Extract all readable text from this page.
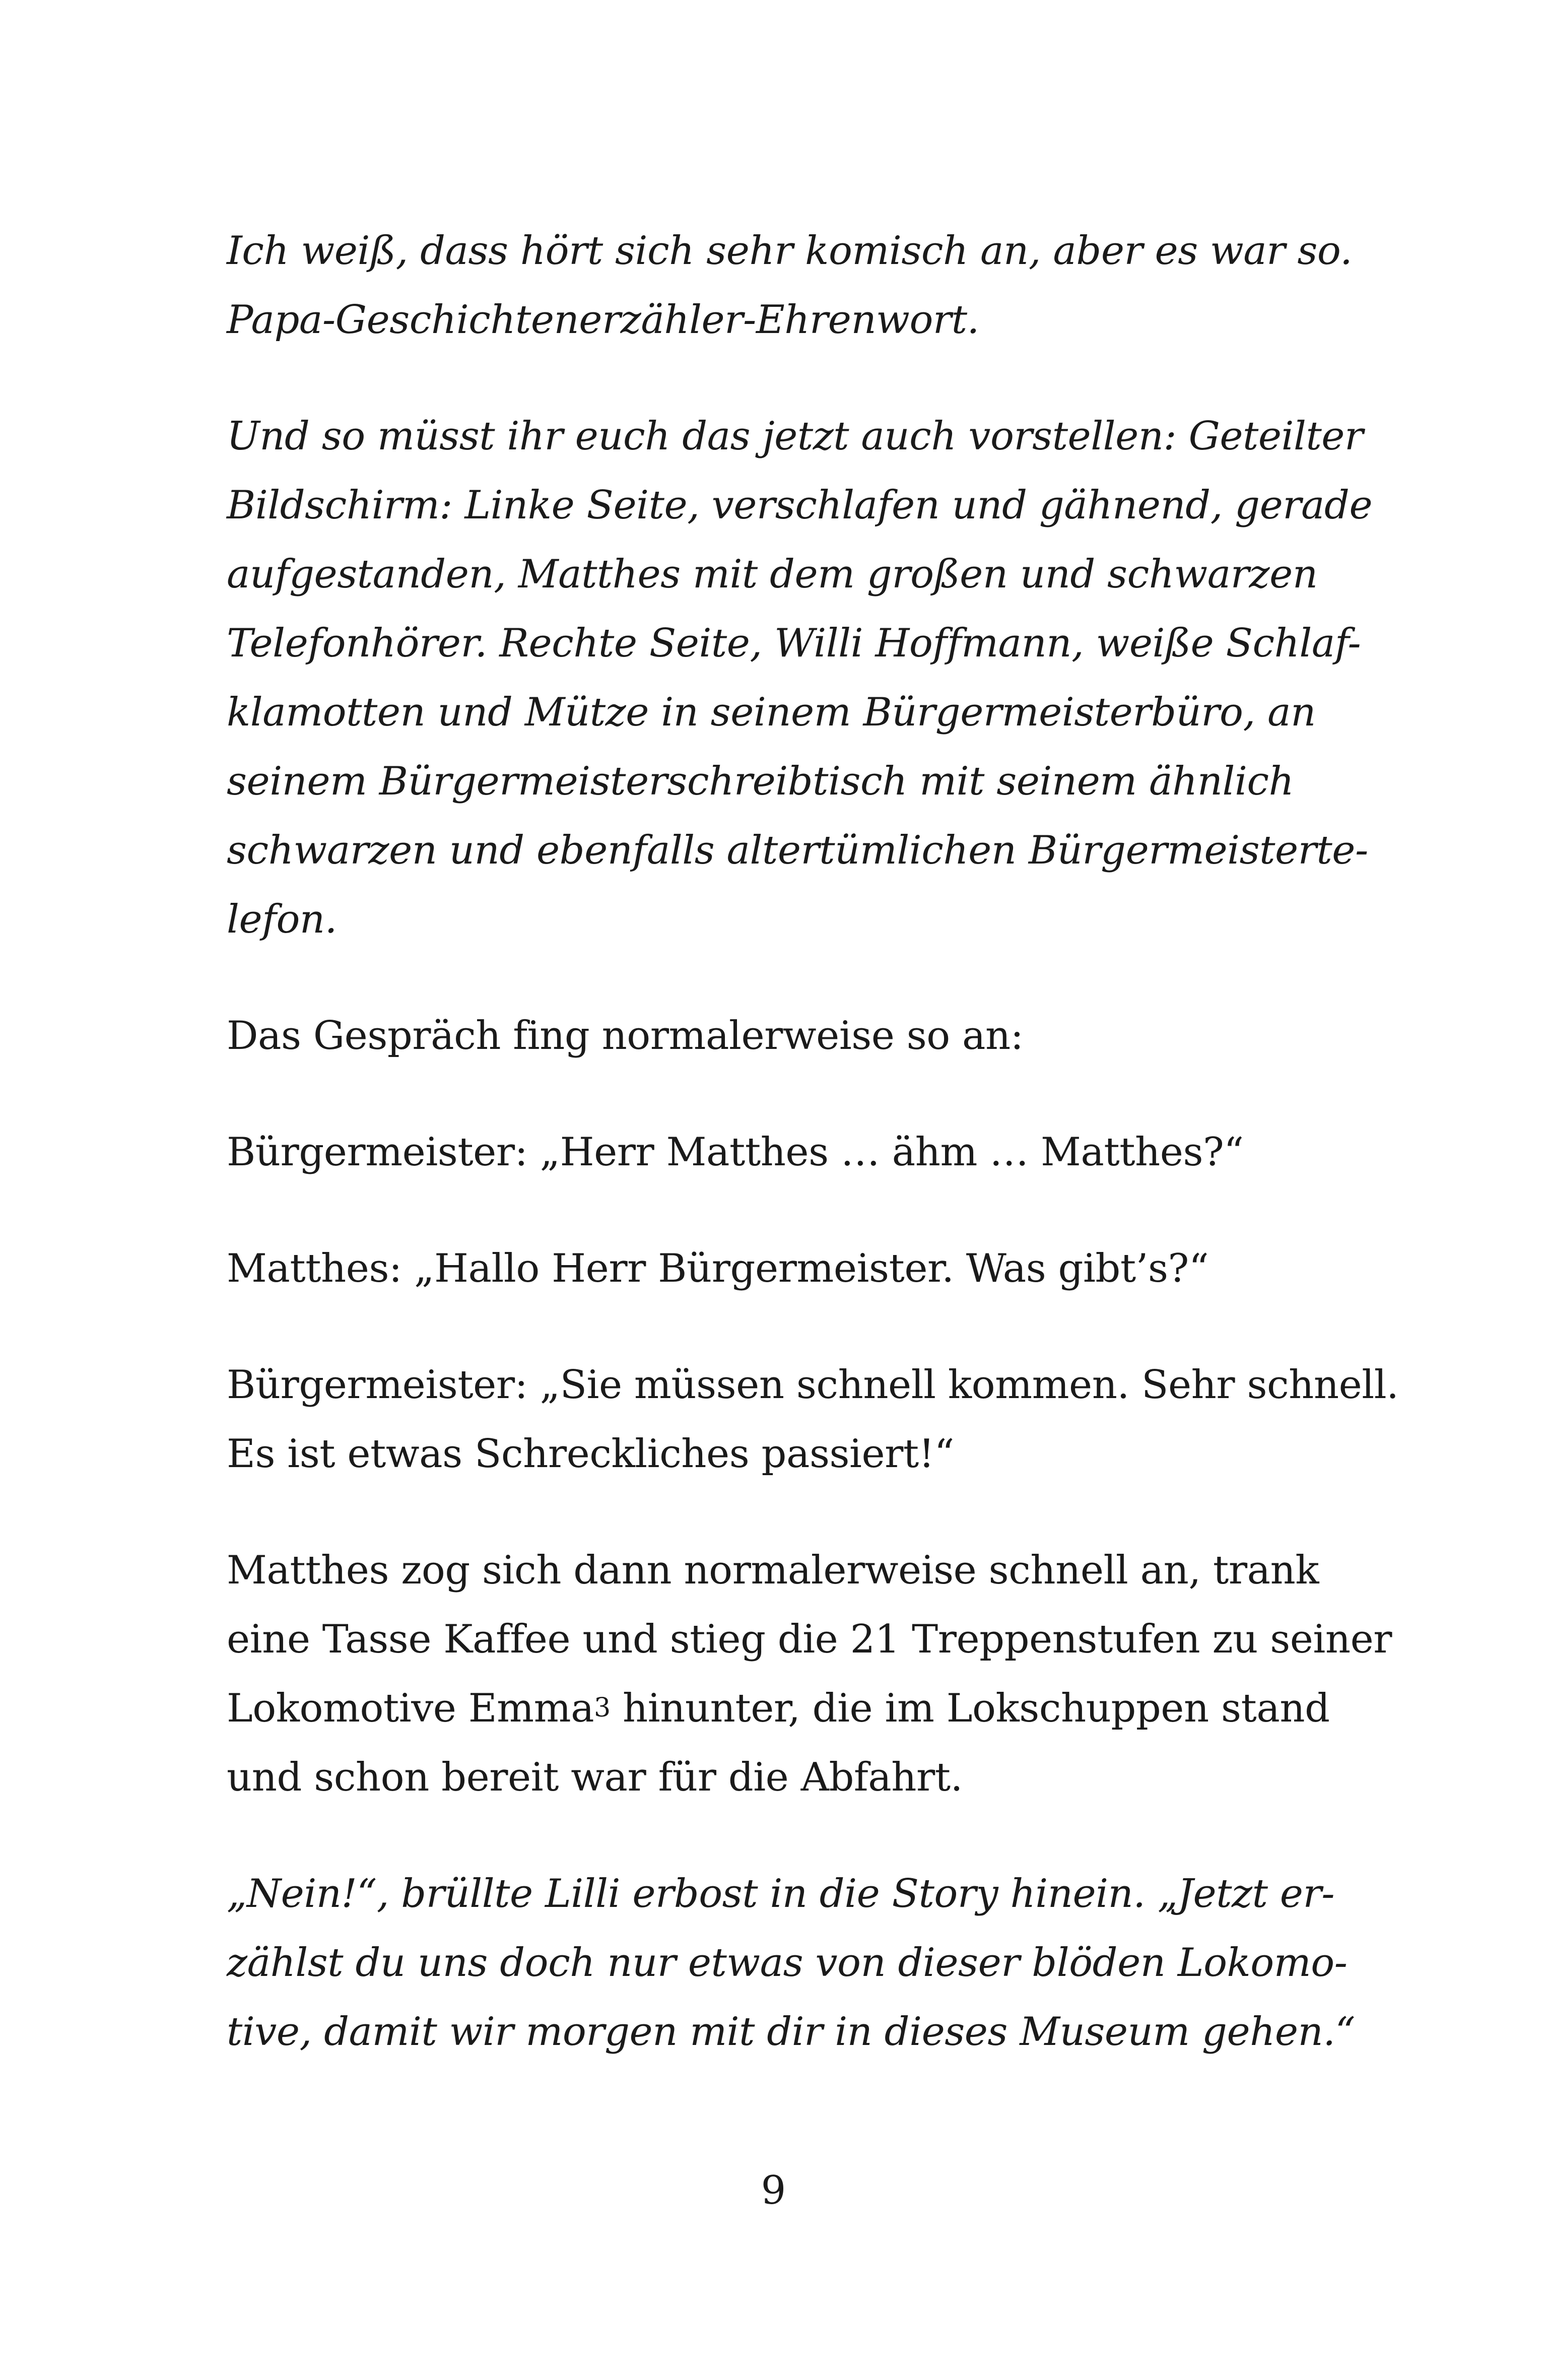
Ich weiß, dass hört sich sehr komisch an, aber es war so.
Papa-Geschichtenerzähler-Ehrenwort.
Und so müsst ihr euch das jetzt auch vorstellen: Geteilter
Bildschirm: Linke Seite, verschlafen und gähnend, gerade
aufgestanden, Matthes mit dem großen und schwarzen
Telefonhörer. Rechte Seite, Willi Hoffmann, weiße Schlaf-
klamotten und Mütze in seinem Bürgermeisterbüro, an
seinem Bürgermeisterschreibtisch mit seinem ähnlich
schwarzen und ebenfalls altertümlichen Bürgermeisterte-
lefon.
Das Gespräch fing normalerweise so an:
Bürgermeister: „Herr Matthes … ähm … Matthes?“
Matthes: „Hallo Herr Bürgermeister. Was gibt’s?“
Bürgermeister: „Sie müssen schnell kommen. Sehr schnell.
Es ist etwas Schreckliches passiert!“
Matthes zog sich dann normalerweise schnell an, trank
eine Tasse Kaffee und stieg die 21 Treppenstufen zu seiner
Lokomotive Emma$^3$ hinunter, die im Lokschuppen stand
und schon bereit war für die Abfahrt.
„Nein!“, brüllte Lilli erbost in die Story hinein. „Jetzt er-
zählst du uns doch nur etwas von dieser blöden Lokomo-
tive, damit wir morgen mit dir in dieses Museum gehen.“
9
